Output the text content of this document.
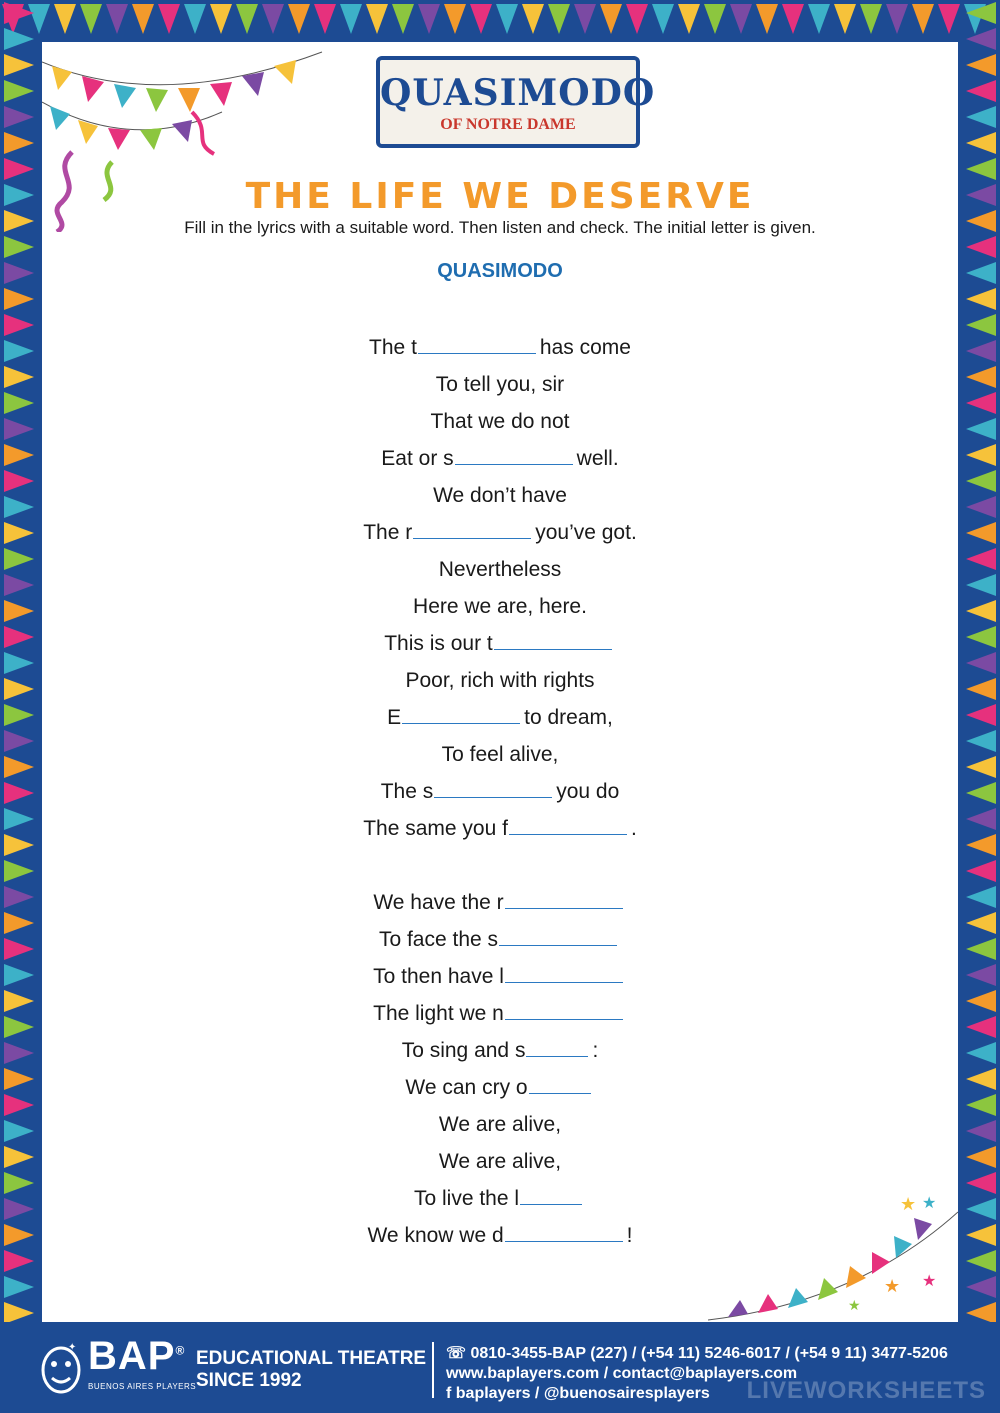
QUASIMODO
OF NOTRE DAME
THE LIFE WE DESERVE
Fill in the lyrics with a suitable word. Then listen and check. The initial letter is given.
QUASIMODO
The t	has come
To tell you, sir
That we do not
Eat or s	well.
We don’t have
The r	you’ve got.
Nevertheless
Here we are, here.
This is our t
Poor, rich with rights
E	to dream,
To feel alive,
The s	you do
The same you f	.
We have the r
To face the s
To then have l
The light we n
To sing and s	:
We can cry o
We are alive,
We are alive,
To live the l
We know we d	!
★ ★
★ ★
★
✦ BAP®
BUENOS AIRES PLAYERS
EDUCATIONAL THEATRE
SINCE 1992
☏ 0810-3455-BAP (227) / (+54 11) 5246-6017 / (+54 9 11) 3477-5206
www.baplayers.com / contact@baplayers.com
f baplayers / @buenosairesplayers	LIVEWORKSHEETS
